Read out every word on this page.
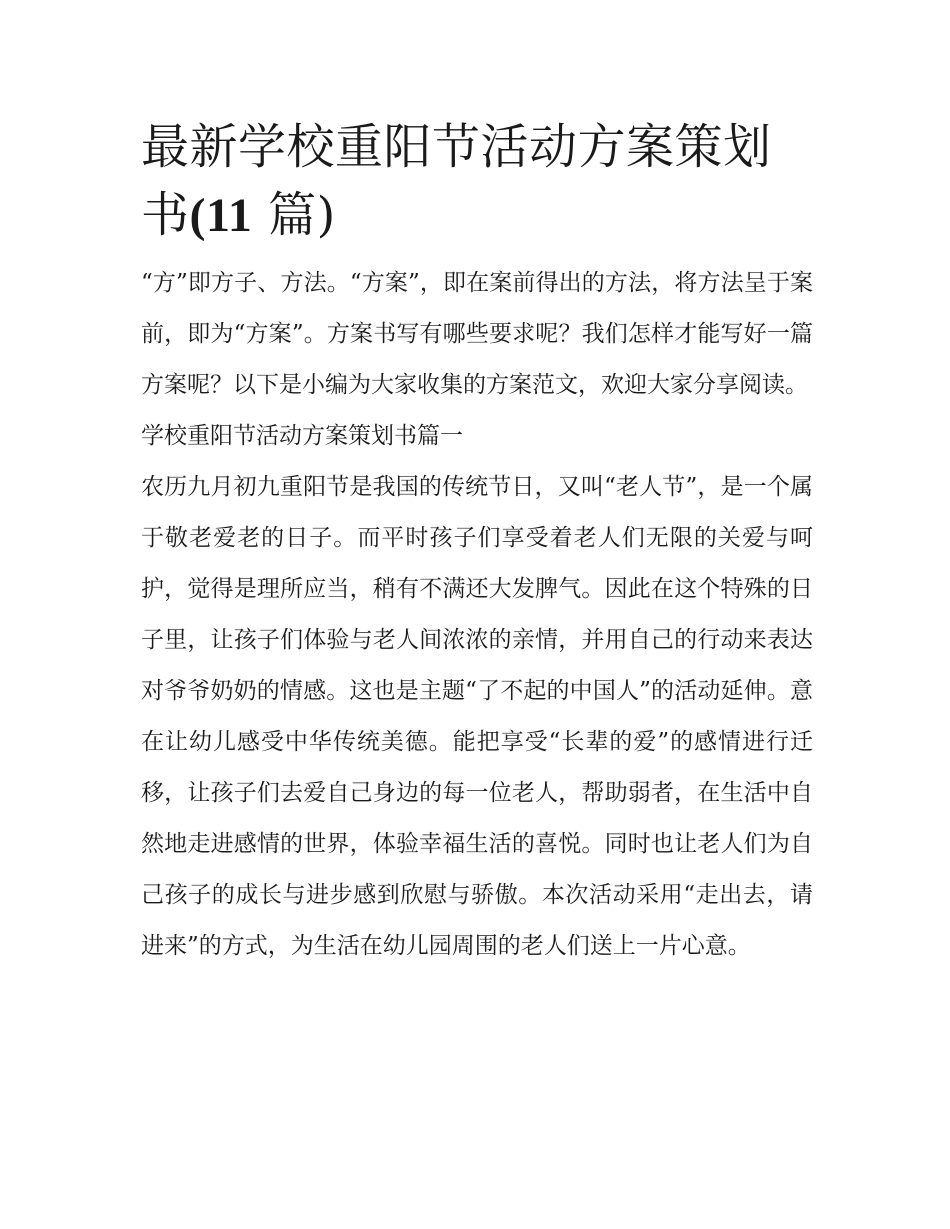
最新学校重阳节活动方案策划书(11 篇)

“方”即方子、方法。“方案”，即在案前得出的方法，将方法呈于案前，即为“方案”。方案书写有哪些要求呢？我们怎样才能写好一篇方案呢？以下是小编为大家收集的方案范文，欢迎大家分享阅读。

学校重阳节活动方案策划书篇一

农历九月初九重阳节是我国的传统节日，又叫“老人节”，是一个属于敬老爱老的日子。而平时孩子们享受着老人们无限的关爱与呵护，觉得是理所应当，稍有不满还大发脾气。因此在这个特殊的日子里，让孩子们体验与老人间浓浓的亲情，并用自己的行动来表达对爷爷奶奶的情感。这也是主题“了不起的中国人”的活动延伸。意在让幼儿感受中华传统美德。能把享受“长辈的爱”的感情进行迁移，让孩子们去爱自己身边的每一位老人，帮助弱者，在生活中自然地走进感情的世界，体验幸福生活的喜悦。同时也让老人们为自己孩子的成长与进步感到欣慰与骄傲。本次活动采用“走出去，请进来”的方式，为生活在幼儿园周围的老人们送上一片心意。
